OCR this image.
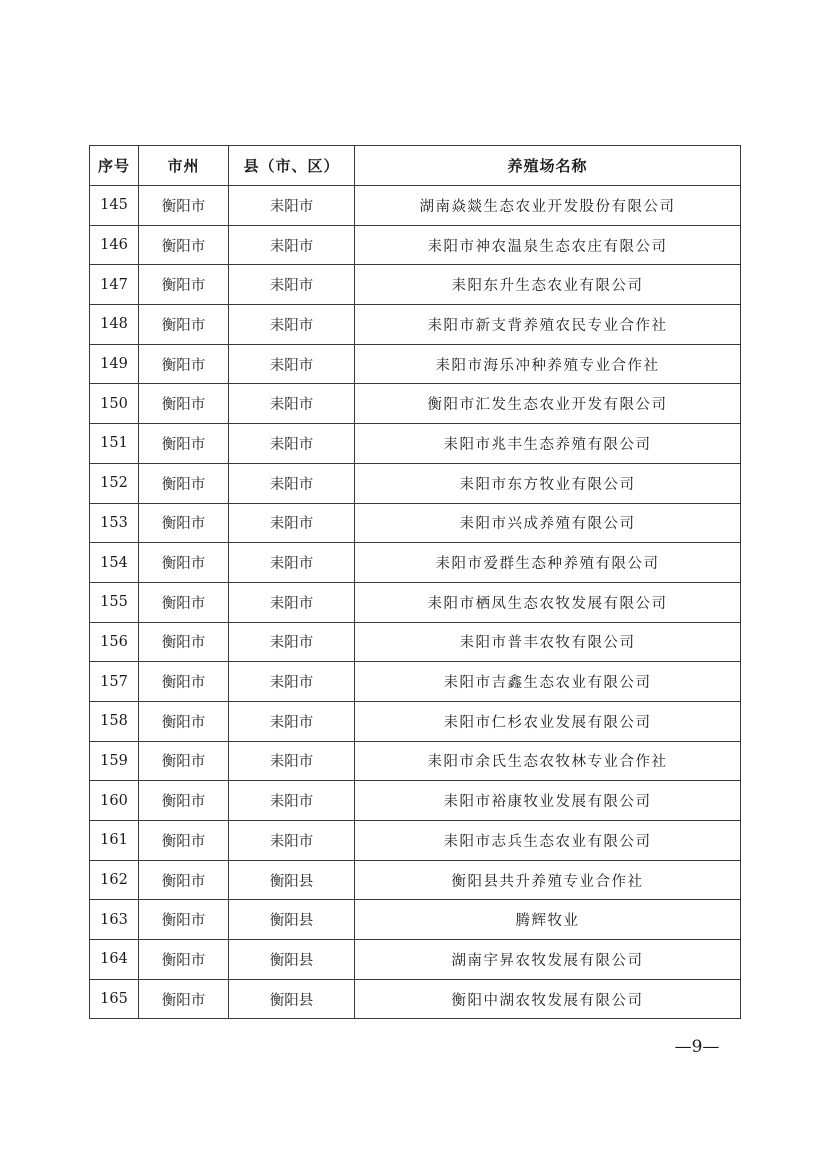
序号	市州	县（市、区）	养殖场名称
145	衡阳市	耒阳市	湖南焱燚生态农业开发股份有限公司
146	衡阳市	耒阳市	耒阳市神农温泉生态农庄有限公司
147	衡阳市	耒阳市	耒阳东升生态农业有限公司
148	衡阳市	耒阳市	耒阳市新支背养殖农民专业合作社
149	衡阳市	耒阳市	耒阳市海乐冲种养殖专业合作社
150	衡阳市	耒阳市	衡阳市汇发生态农业开发有限公司
151	衡阳市	耒阳市	耒阳市兆丰生态养殖有限公司
152	衡阳市	耒阳市	耒阳市东方牧业有限公司
153	衡阳市	耒阳市	耒阳市兴成养殖有限公司
154	衡阳市	耒阳市	耒阳市爱群生态种养殖有限公司
155	衡阳市	耒阳市	耒阳市栖凤生态农牧发展有限公司
156	衡阳市	耒阳市	耒阳市普丰农牧有限公司
157	衡阳市	耒阳市	耒阳市吉鑫生态农业有限公司
158	衡阳市	耒阳市	耒阳市仁杉农业发展有限公司
159	衡阳市	耒阳市	耒阳市余氏生态农牧林专业合作社
160	衡阳市	耒阳市	耒阳市裕康牧业发展有限公司
161	衡阳市	耒阳市	耒阳市志兵生态农业有限公司
162	衡阳市	衡阳县	衡阳县共升养殖专业合作社
163	衡阳市	衡阳县	腾辉牧业
164	衡阳市	衡阳县	湖南宇昇农牧发展有限公司
165	衡阳市	衡阳县	衡阳中湖农牧发展有限公司
—9—
